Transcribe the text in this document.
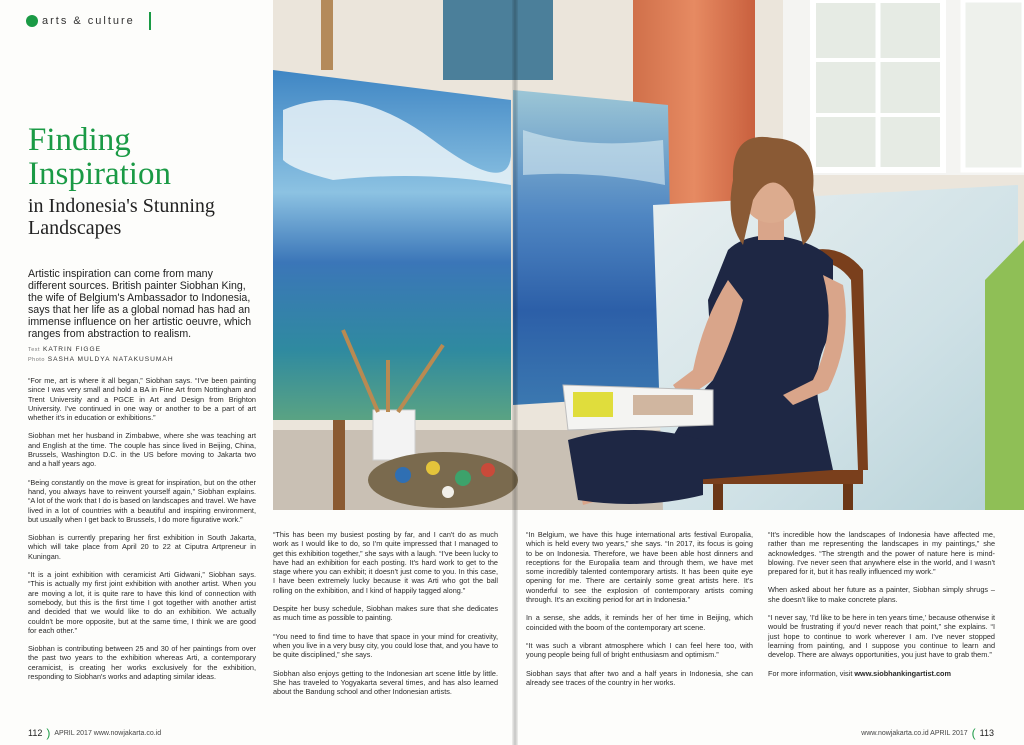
arts & culture
Finding
Inspiration
in Indonesia's Stunning Landscapes
Artistic inspiration can come from many different sources. British painter Siobhan King, the wife of Belgium's Ambassador to Indonesia, says that her life as a global nomad has had an immense influence on her artistic oeuvre, which ranges from abstraction to realism.
Text KATRIN FIGGE
Photo SASHA MULDYA NATAKUSUMAH

“For me, art is where it all began,” Siobhan says. “I've been painting since I was very small and hold a BA in Fine Art from Nottingham and Trent University and a PGCE in Art and Design from Brighton University. I've continued in one way or another to be a part of art whether it's in education or exhibitions.”

Siobhan met her husband in Zimbabwe, where she was teaching art and English at the time. The couple has since lived in Beijing, China, Brussels, Washington D.C. in the US before moving to Jakarta two and a half years ago.

“Being constantly on the move is great for inspiration, but on the other hand, you always have to reinvent yourself again,” Siobhan explains. “A lot of the work that I do is based on landscapes and travel. We have lived in a lot of countries with a beautiful and inspiring environment, but usually when I get back to Brussels, I do more figurative work.”

Siobhan is currently preparing her first exhibition in South Jakarta, which will take place from April 20 to 22 at Ciputra Artpreneur in Kuningan.

“It is a joint exhibition with ceramicist Arti Gidwani,” Siobhan says. “This is actually my first joint exhibition with another artist. When you are moving a lot, it is quite rare to have this kind of connection with somebody, but this is the first time I got together with another artist and decided that we would like to do an exhibition. We actually couldn't be more opposite, but at the same time, I think we are good for each other.”

Siobhan is contributing between 25 and 30 of her paintings from over the past two years to the exhibition whereas Arti, a contemporary ceramicist, is creating her works exclusively for the exhibition, responding to Siobhan's works and adapting similar ideas.

“This has been my busiest posting by far, and I can't do as much work as I would like to do, so I'm quite impressed that I managed to get this exhibition together,” she says with a laugh. “I've been lucky to have had an exhibition for each posting. It's hard work to get to the stage where you can exhibit; it doesn't just come to you. In this case, I have been extremely lucky because it was Arti who got the ball rolling on the exhibition, and I kind of happily tagged along.”

Despite her busy schedule, Siobhan makes sure that she dedicates as much time as possible to painting.

“You need to find time to have that space in your mind for creativity, when you live in a very busy city, you could lose that, and you have to be quite disciplined,” she says.

Siobhan also enjoys getting to the Indonesian art scene little by little. She has traveled to Yogyakarta several times, and has also learned about the Bandung school and other Indonesian artists.

“In Belgium, we have this huge international arts festival Europalia, which is held every two years,” she says. “In 2017, its focus is going to be on Indonesia. Therefore, we have been able host dinners and receptions for the Europalia team and through them, we have met some incredibly talented contemporary artists. It has been quite eye opening for me. There are certainly some great artists here. It's wonderful to see the explosion of contemporary artists coming through. It's an exciting period for art in Indonesia.”

In a sense, she adds, it reminds her of her time in Beijing, which coincided with the boom of the contemporary art scene.

“It was such a vibrant atmosphere which I can feel here too, with young people being full of bright enthusiasm and optimism.”

Siobhan says that after two and a half years in Indonesia, she can already see traces of the country in her works.

“It's incredible how the landscapes of Indonesia have affected me, rather than me representing the landscapes in my paintings,” she acknowledges. “The strength and the power of nature here is mind-blowing. I've never seen that anywhere else in the world, and I wasn't prepared for it, but it has really influenced my work.”

When asked about her future as a painter, Siobhan simply shrugs – she doesn't like to make concrete plans.

“I never say, 'I'd like to be here in ten years time,' because otherwise it would be frustrating if you'd never reach that point,” she explains. “I just hope to continue to work wherever I am. I've never stopped learning from painting, and I suppose you continue to learn and develop. There are always opportunities, you just have to grab them.”

For more information, visit www.siobhankingartist.com

112 ) APRIL 2017 www.nowjakarta.co.id	www.nowjakarta.co.id APRIL 2017 ( 113
